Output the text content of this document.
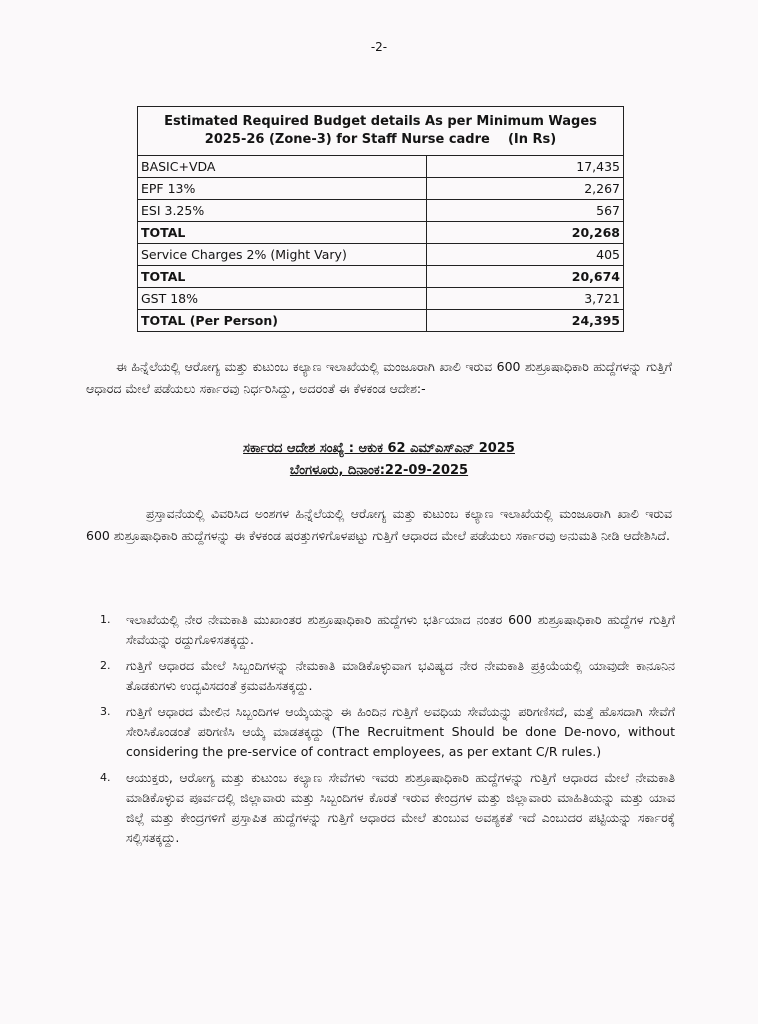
-2-
Estimated Required Budget details As per Minimum Wages
2025-26 (Zone-3) for Staff Nurse cadre    (In Rs)	

BASIC+VDA	17,435
EPF 13%	2,267
ESI 3.25%	567
TOTAL	20,268
Service Charges 2% (Might Vary)	405
TOTAL	20,674
GST 18%	3,721
TOTAL (Per Person)	24,395

ಈ ಹಿನ್ನೆಲೆಯಲ್ಲಿ ಆರೋಗ್ಯ ಮತ್ತು ಕುಟುಂಬ ಕಲ್ಯಾಣ ಇಲಾಖೆಯಲ್ಲಿ ಮಂಜೂರಾಗಿ ಖಾಲಿ ಇರುವ 600 ಶುಶ್ರೂಷಾಧಿಕಾರಿ ಹುದ್ದೆಗಳನ್ನು ಗುತ್ತಿಗೆ ಆಧಾರದ ಮೇಲೆ ಪಡೆಯಲು ಸರ್ಕಾರವು ನಿರ್ಧರಿಸಿದ್ದು, ಅದರಂತೆ ಈ ಕೆಳಕಂಡ ಆದೇಶ:-

ಸರ್ಕಾರದ ಆದೇಶ ಸಂಖ್ಯೆ : ಆಕುಕ 62 ಎಮ್‌ಎಸ್‌ಎನ್ 2025
ಬೆಂಗಳೂರು, ದಿನಾಂಕ:22-09-2025

ಪ್ರಸ್ತಾವನೆಯಲ್ಲಿ ವಿವರಿಸಿದ ಅಂಶಗಳ ಹಿನ್ನೆಲೆಯಲ್ಲಿ ಆರೋಗ್ಯ ಮತ್ತು ಕುಟುಂಬ ಕಲ್ಯಾಣ ಇಲಾಖೆಯಲ್ಲಿ ಮಂಜೂರಾಗಿ ಖಾಲಿ ಇರುವ 600 ಶುಶ್ರೂಷಾಧಿಕಾರಿ ಹುದ್ದೆಗಳನ್ನು ಈ ಕೆಳಕಂಡ ಷರತ್ತುಗಳಿಗೊಳಪಟ್ಟು ಗುತ್ತಿಗೆ ಆಧಾರದ ಮೇಲೆ ಪಡೆಯಲು ಸರ್ಕಾರವು ಅನುಮತಿ ನೀಡಿ ಆದೇಶಿಸಿದೆ.

1.	ಇಲಾಖೆಯಲ್ಲಿ ನೇರ ನೇಮಕಾತಿ ಮುಖಾಂತರ ಶುಶ್ರೂಷಾಧಿಕಾರಿ ಹುದ್ದೆಗಳು ಭರ್ತಿಯಾದ ನಂತರ 600 ಶುಶ್ರೂಷಾಧಿಕಾರಿ ಹುದ್ದೆಗಳ ಗುತ್ತಿಗೆ ಸೇವೆಯನ್ನು ರದ್ದುಗೊಳಿಸತಕ್ಕದ್ದು.
2.	ಗುತ್ತಿಗೆ ಆಧಾರದ ಮೇಲೆ ಸಿಬ್ಬಂದಿಗಳನ್ನು ನೇಮಕಾತಿ ಮಾಡಿಕೊಳ್ಳುವಾಗ ಭವಿಷ್ಯದ ನೇರ ನೇಮಕಾತಿ ಪ್ರಕ್ರಿಯೆಯಲ್ಲಿ ಯಾವುದೇ ಕಾನೂನಿನ ತೊಡಕುಗಳು ಉದ್ಭವಿಸದಂತೆ ಕ್ರಮವಹಿಸತಕ್ಕದ್ದು.
3.	ಗುತ್ತಿಗೆ ಆಧಾರದ ಮೇಲಿನ ಸಿಬ್ಬಂದಿಗಳ ಆಯ್ಕೆಯನ್ನು ಈ ಹಿಂದಿನ ಗುತ್ತಿಗೆ ಅವಧಿಯ ಸೇವೆಯನ್ನು ಪರಿಗಣಿಸದೆ, ಮತ್ತೆ ಹೊಸದಾಗಿ ಸೇವೆಗೆ ಸೇರಿಸಿಕೊಂಡಂತೆ ಪರಿಗಣಿಸಿ ಆಯ್ಕೆ ಮಾಡತಕ್ಕದ್ದು (The Recruitment Should be done De-novo, without considering the pre-service of contract employees, as per extant C/R rules.)
4.	ಆಯುಕ್ತರು, ಆರೋಗ್ಯ ಮತ್ತು ಕುಟುಂಬ ಕಲ್ಯಾಣ ಸೇವೆಗಳು ಇವರು ಶುಶ್ರೂಷಾಧಿಕಾರಿ ಹುದ್ದೆಗಳನ್ನು ಗುತ್ತಿಗೆ ಆಧಾರದ ಮೇಲೆ ನೇಮಕಾತಿ ಮಾಡಿಕೊಳ್ಳುವ ಪೂರ್ವದಲ್ಲಿ ಜಿಲ್ಲಾವಾರು ಮತ್ತು ಸಿಬ್ಬಂದಿಗಳ ಕೊರತೆ ಇರುವ ಕೇಂದ್ರಗಳ ಮತ್ತು ಜಿಲ್ಲಾವಾರು ಮಾಹಿತಿಯನ್ನು ಮತ್ತು ಯಾವ ಜಿಲ್ಲೆ ಮತ್ತು ಕೇಂದ್ರಗಳಿಗೆ ಪ್ರಸ್ತಾಪಿತ ಹುದ್ದೆಗಳನ್ನು ಗುತ್ತಿಗೆ ಆಧಾರದ ಮೇಲೆ ತುಂಬುವ ಅವಶ್ಯಕತೆ ಇದೆ ಎಂಬುದರ ಪಟ್ಟಿಯನ್ನು ಸರ್ಕಾರಕ್ಕೆ ಸಲ್ಲಿಸತಕ್ಕದ್ದು.
